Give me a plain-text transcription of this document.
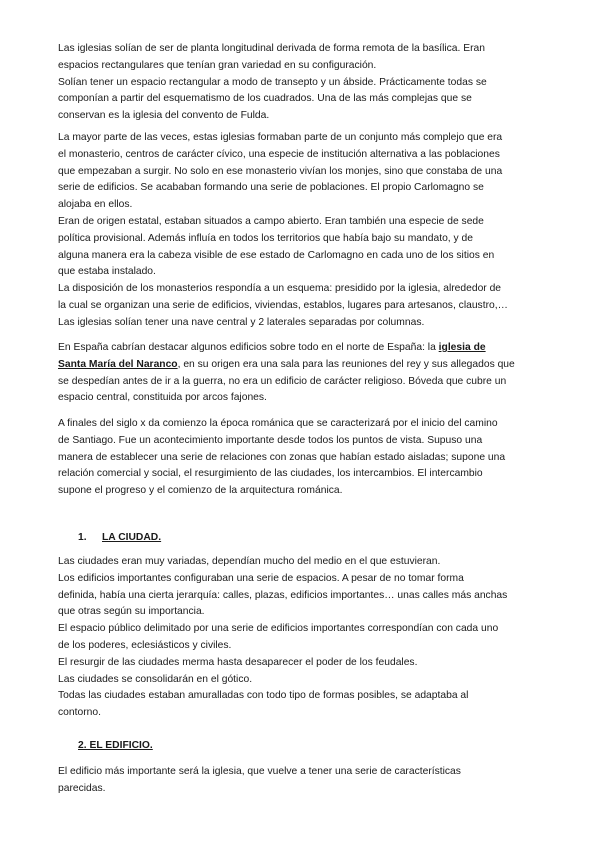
Las iglesias solían de ser de planta longitudinal derivada de forma remota de la basílica. Eran
espacios rectangulares que tenían gran variedad en su configuración.
Solían tener un espacio rectangular a modo de transepto y un ábside. Prácticamente todas se
componían a partir del esquematismo de los cuadrados. Una de las más complejas que se
conservan es la iglesia del convento de Fulda.
La mayor parte de las veces, estas iglesias formaban parte de un conjunto más complejo que era
el monasterio, centros de carácter cívico, una especie de institución alternativa a las poblaciones
que empezaban a surgir. No solo en ese monasterio vivían los monjes, sino que constaba de una
serie de edificios. Se acababan formando una serie de poblaciones. El propio Carlomagno se
alojaba en ellos.
Eran de origen estatal, estaban situados a campo abierto. Eran también una especie de sede
política provisional. Además influía en todos los territorios que había bajo su mandato, y de
alguna manera era la cabeza visible de ese estado de Carlomagno en cada uno de los sitios en
que estaba instalado.
La disposición de los monasterios respondía a un esquema: presidido por la iglesia, alrededor de
la cual se organizan una serie de edificios, viviendas, establos, lugares para artesanos, claustro,…
Las iglesias solían tener una nave central y 2 laterales separadas por columnas.
En España cabrían destacar algunos edificios sobre todo en el norte de España: la iglesia de
Santa María del Naranco, en su origen era una sala para las reuniones del rey y sus allegados que
se despedían antes de ir a la guerra, no era un edificio de carácter religioso. Bóveda que cubre un
espacio central, constituida por arcos fajones.
A finales del siglo x da comienzo la época románica que se caracterizará por el inicio del camino
de Santiago. Fue un acontecimiento importante desde todos los puntos de vista. Supuso una
manera de establecer una serie de relaciones con zonas que habían estado aisladas; supone una
relación comercial y social, el resurgimiento de las ciudades, los intercambios. El intercambio
supone el progreso y el comienzo de la arquitectura románica.
1. LA CIUDAD.
Las ciudades eran muy variadas, dependían mucho del medio en el que estuvieran.
Los edificios importantes configuraban una serie de espacios. A pesar de no tomar forma
definida, había una cierta jerarquía: calles, plazas, edificios importantes… unas calles más anchas
que otras según su importancia.
El espacio público delimitado por una serie de edificios importantes correspondían con cada uno
de los poderes, eclesiásticos y civiles.
El resurgir de las ciudades merma hasta desaparecer el poder de los feudales.
Las ciudades se consolidarán en el gótico.
Todas las ciudades estaban amuralladas con todo tipo de formas posibles, se adaptaba al
contorno.
2. EL EDIFICIO.
El edificio más importante será la iglesia, que vuelve a tener una serie de características
parecidas.
